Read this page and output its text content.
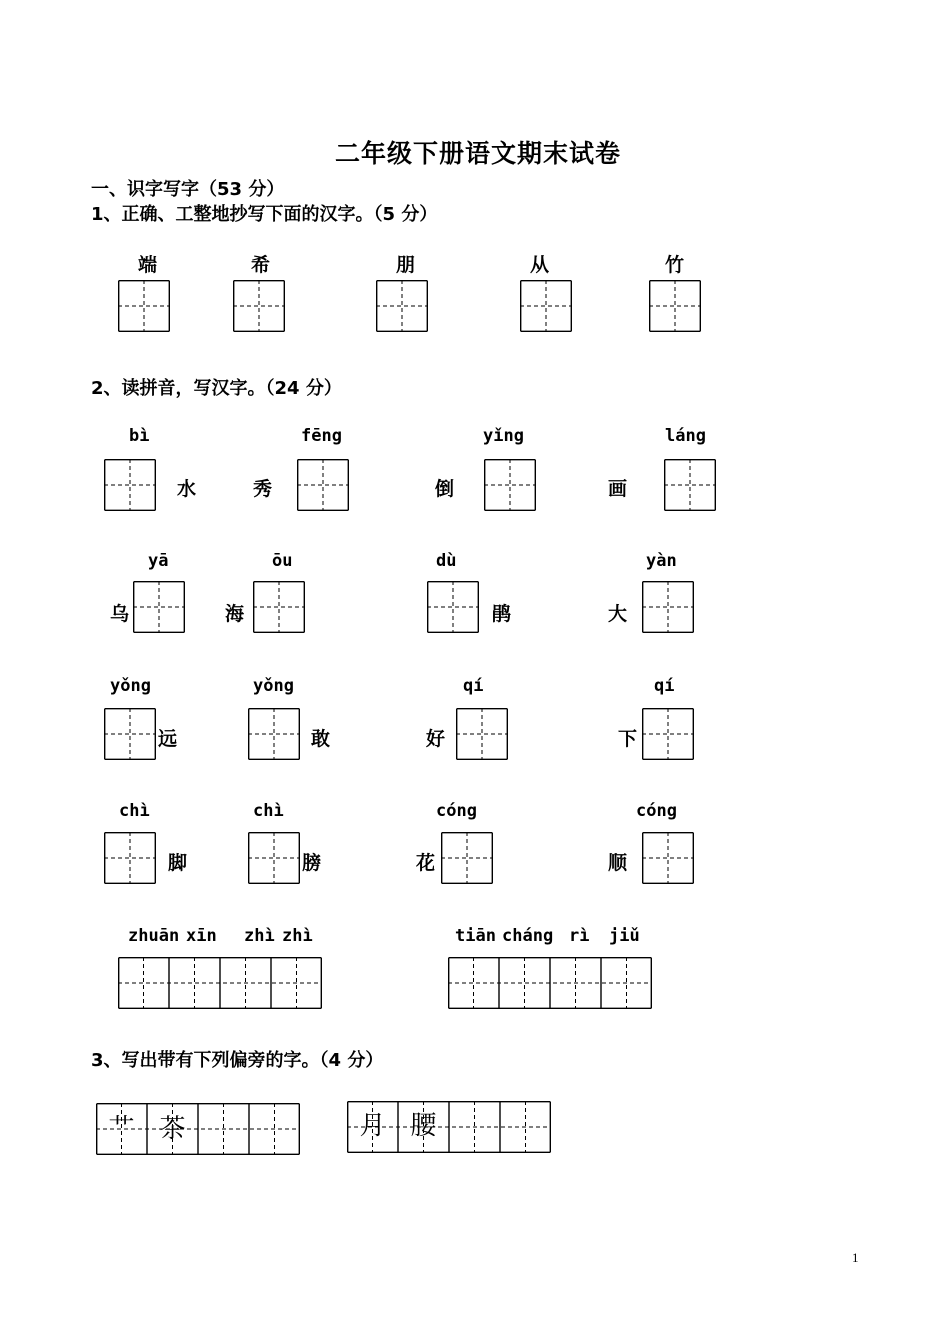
二年级下册语文期末试卷
一、识字写字（53 分）
1、正确、工整地抄写下面的汉字。（5 分）
端	希	朋	从	竹
2、读拼音，写汉字。（24 分）
bì	fēng	yǐng	láng
水	秀	倒	画
yā	ōu	dù	yàn
乌	海	鹃	大
yǒng	yǒng	qí	qí
远	敢	好	下
chì	chì	cóng	cóng
脚	膀	花	顺
zhuān xīn zhì zhì	tiān cháng rì jiǔ
3、写出带有下列偏旁的字。（4 分）
艹 茶	月 腰
1
